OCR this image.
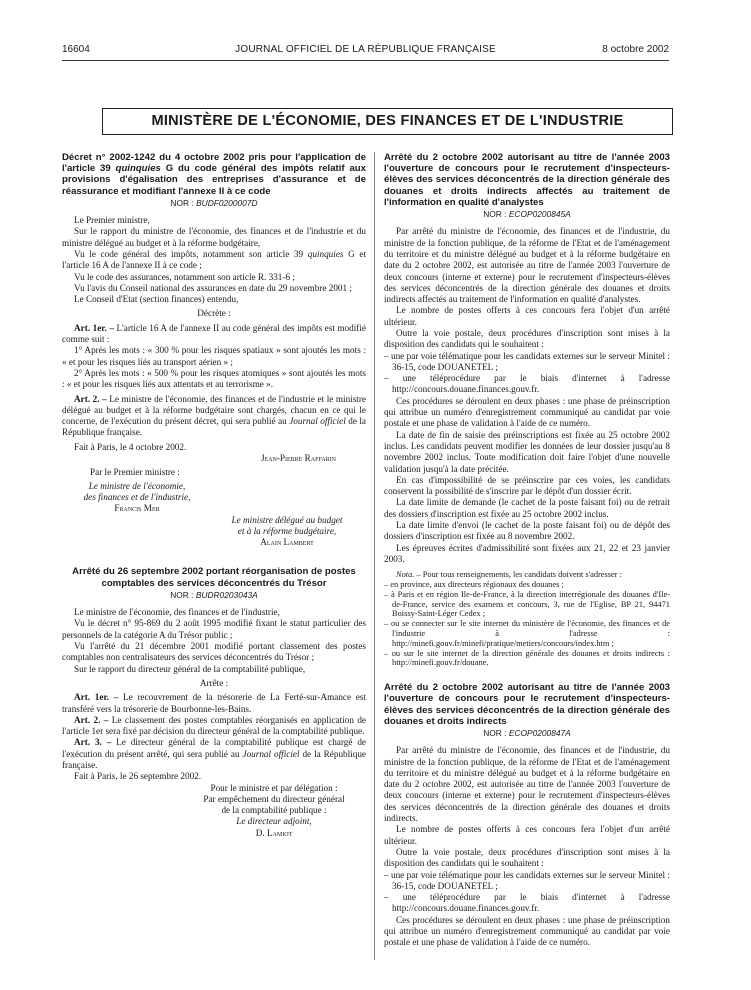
16604	JOURNAL OFFICIEL DE LA RÉPUBLIQUE FRANÇAISE	8 octobre 2002
MINISTÈRE DE L'ÉCONOMIE, DES FINANCES ET DE L'INDUSTRIE
Décret n° 2002-1242 du 4 octobre 2002 pris pour l'application de l'article 39 quinquies G du code général des impôts relatif aux provisions d'égalisation des entreprises d'assurance et de réassurance et modifiant l'annexe II à ce code
NOR : BUDF0200007D

Le Premier ministre,

Sur le rapport du ministre de l'économie, des finances et de l'industrie et du ministre délégué au budget et à la réforme budgétaire,

Vu le code général des impôts, notamment son article 39 quinquies G et l'article 16 A de l'annexe II à ce code ;

Vu le code des assurances, notamment son article R. 331-6 ;

Vu l'avis du Conseil national des assurances en date du 29 novembre 2001 ;

Le Conseil d'Etat (section finances) entendu,

Décrète :

Art. 1er. – L'article 16 A de l'annexe II au code général des impôts est modifié comme suit :

1° Après les mots : « 300 % pour les risques spatiaux » sont ajoutés les mots : « et pour les risques liés au transport aérien » ;

2° Après les mots : « 500 % pour les risques atomiques » sont ajoutés les mots : « et pour les risques liés aux attentats et au terrorisme ».

Art. 2. – Le ministre de l'économie, des finances et de l'industrie et le ministre délégué au budget et à la réforme budgétaire sont chargés, chacun en ce qui le concerne, de l'exécution du présent décret, qui sera publié au Journal officiel de la République française.

Fait à Paris, le 4 octobre 2002.

Jean-Pierre Raffarin

Par le Premier ministre :

Le ministre de l'économie,
des finances et de l'industrie,
Francis Mer
Le ministre délégué au budget
et à la réforme budgétaire,
Alain Lambert
Arrêté du 26 septembre 2002 portant réorganisation de postes comptables des services déconcentrés du Trésor
NOR : BUDR0203043A

Le ministre de l'économie, des finances et de l'industrie,

Vu le décret n° 95-869 du 2 août 1995 modifié fixant le statut particulier des personnels de la catégorie A du Trésor public ;

Vu l'arrêté du 21 décembre 2001 modifié portant classement des postes comptables non centralisateurs des services déconcentrés du Trésor ;

Sur le rapport du directeur général de la comptabilité publique,

Arrête :

Art. 1er. – Le recouvrement de la trésorerie de La Ferté-sur-Amance est transféré vers la trésorerie de Bourbonne-les-Bains.

Art. 2. – Le classement des postes comptables réorganisés en application de l'article 1er sera fixé par décision du directeur général de la comptabilité publique.

Art. 3. – Le directeur général de la comptabilité publique est chargé de l'exécution du présent arrêté, qui sera publié au Journal officiel de la République française.

Fait à Paris, le 26 septembre 2002.

Pour le ministre et par délégation :
Par empêchement du directeur général
de la comptabilité publique :
Le directeur adjoint,
D. Lamiot
Arrêté du 2 octobre 2002 autorisant au titre de l'année 2003 l'ouverture de concours pour le recrutement d'inspecteurs-élèves des services déconcentrés de la direction générale des douanes et droits indirects affectés au traitement de l'information en qualité d'analystes
NOR : ECOP0200845A

Par arrêté du ministre de l'économie, des finances et de l'industrie, du ministre de la fonction publique, de la réforme de l'Etat et de l'aménagement du territoire et du ministre délégué au budget et à la réforme budgétaire en date du 2 octobre 2002, est autorisée au titre de l'année 2003 l'ouverture de deux concours (interne et externe) pour le recrutement d'inspecteurs-élèves des services déconcentrés de la direction générale des douanes et droits indirects affectés au traitement de l'information en qualité d'analystes.

Le nombre de postes offerts à ces concours fera l'objet d'un arrêté ultérieur.

Outre la voie postale, deux procédures d'inscription sont mises à la disposition des candidats qui le souhaitent :

– une par voie télématique pour les candidats externes sur le serveur Minitel : 36-15, code DOUANETEL ;
– une téléprocédure par le biais d'internet à l'adresse http://concours.douane.finances.gouv.fr.

Ces procédures se déroulent en deux phases : une phase de préinscription qui attribue un numéro d'enregistrement communiqué au candidat par voie postale et une phase de validation à l'aide de ce numéro.

La date de fin de saisie des préinscriptions est fixée au 25 octobre 2002 inclus. Les candidats peuvent modifier les données de leur dossier jusqu'au 8 novembre 2002 inclus. Toute modification doit faire l'objet d'une nouvelle validation jusqu'à la date précitée.

En cas d'impossibilité de se préinscrire par ces voies, les candidats conservent la possibilité de s'inscrire par le dépôt d'un dossier écrit.

La date limite de demande (le cachet de la poste faisant foi) ou de retrait des dossiers d'inscription est fixée au 25 octobre 2002 inclus.

La date limite d'envoi (le cachet de la poste faisant foi) ou de dépôt des dossiers d'inscription est fixée au 8 novembre 2002.

Les épreuves écrites d'admissibilité sont fixées aux 21, 22 et 23 janvier 2003.

Nota. – Pour tous renseignements, les candidats doivent s'adresser :

– en province, aux directeurs régionaux des douanes ;
– à Paris et en région Ile-de-France, à la direction interrégionale des douanes d'Ile-de-France, service des examens et concours, 3, rue de l'Eglise, BP 21, 94471 Boissy-Saint-Léger Cedex ;
– ou se connecter sur le site internet du ministère de l'économie, des finances et de l'industrie à l'adresse : http://minefi.gouv.fr/minefi/pratique/metiers/concours/index.htm ;
– ou sur le site internet de la direction générale des douanes et droits indirects : http://minefi.gouv.fr/douane.
Arrêté du 2 octobre 2002 autorisant au titre de l'année 2003 l'ouverture de concours pour le recrutement d'inspecteurs-élèves des services déconcentrés de la direction générale des douanes et droits indirects
NOR : ECOP0200847A

Par arrêté du ministre de l'économie, des finances et de l'industrie, du ministre de la fonction publique, de la réforme de l'Etat et de l'aménagement du territoire et du ministre délégué au budget et à la réforme budgétaire en date du 2 octobre 2002, est autorisée au titre de l'année 2003 l'ouverture de deux concours (interne et externe) pour le recrutement d'inspecteurs-élèves des services déconcentrés de la direction générale des douanes et droits indirects.

Le nombre de postes offerts à ces concours fera l'objet d'un arrêté ultérieur.

Outre la voie postale, deux procédures d'inscription sont mises à la disposition des candidats qui le souhaitent :

– une par voie télématique pour les candidats externes sur le serveur Minitel : 36-15, code DOUANETEL ;
– une téléprocédure par le biais d'internet à l'adresse http://concours.douane.finances.gouv.fr.

Ces procédures se déroulent en deux phases : une phase de préinscription qui attribue un numéro d'enregistrement communiqué au candidat par voie postale et une phase de validation à l'aide de ce numéro.
